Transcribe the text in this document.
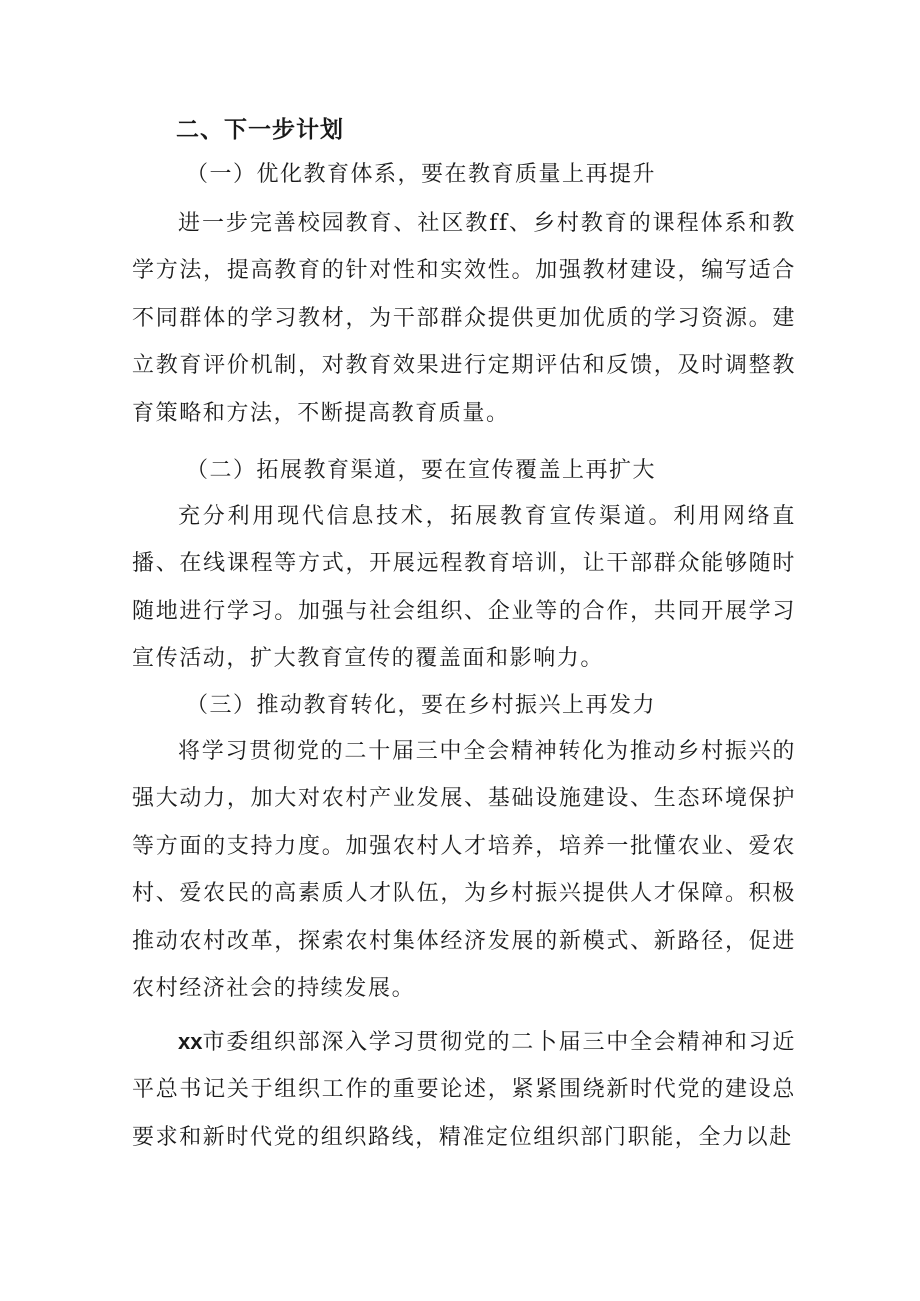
二、下一步计划
（一）优化教育体系，要在教育质量上再提升

进一步完善校园教育、社区教ff、乡村教育的课程体系和教学方法，提高教育的针对性和实效性。加强教材建设，编写适合不同群体的学习教材，为干部群众提供更加优质的学习资源。建立教育评价机制，对教育效果进行定期评估和反馈，及时调整教育策略和方法，不断提高教育质量。

（二）拓展教育渠道，要在宣传覆盖上再扩大

充分利用现代信息技术，拓展教育宣传渠道。利用网络直播、在线课程等方式，开展远程教育培训，让干部群众能够随时随地进行学习。加强与社会组织、企业等的合作，共同开展学习宣传活动，扩大教育宣传的覆盖面和影响力。

（三）推动教育转化，要在乡村振兴上再发力

将学习贯彻党的二十届三中全会精神转化为推动乡村振兴的强大动力，加大对农村产业发展、基础设施建设、生态环境保护等方面的支持力度。加强农村人才培养，培养一批懂农业、爱农村、爱农民的高素质人才队伍，为乡村振兴提供人才保障。积极推动农村改革，探索农村集体经济发展的新模式、新路径，促进农村经济社会的持续发展。

xx市委组织部深入学习贯彻党的二卜届三中全会精神和习近平总书记关于组织工作的重要论述，紧紧围绕新时代党的建设总要求和新时代党的组织路线，精准定位组织部门职能，全力以赴
